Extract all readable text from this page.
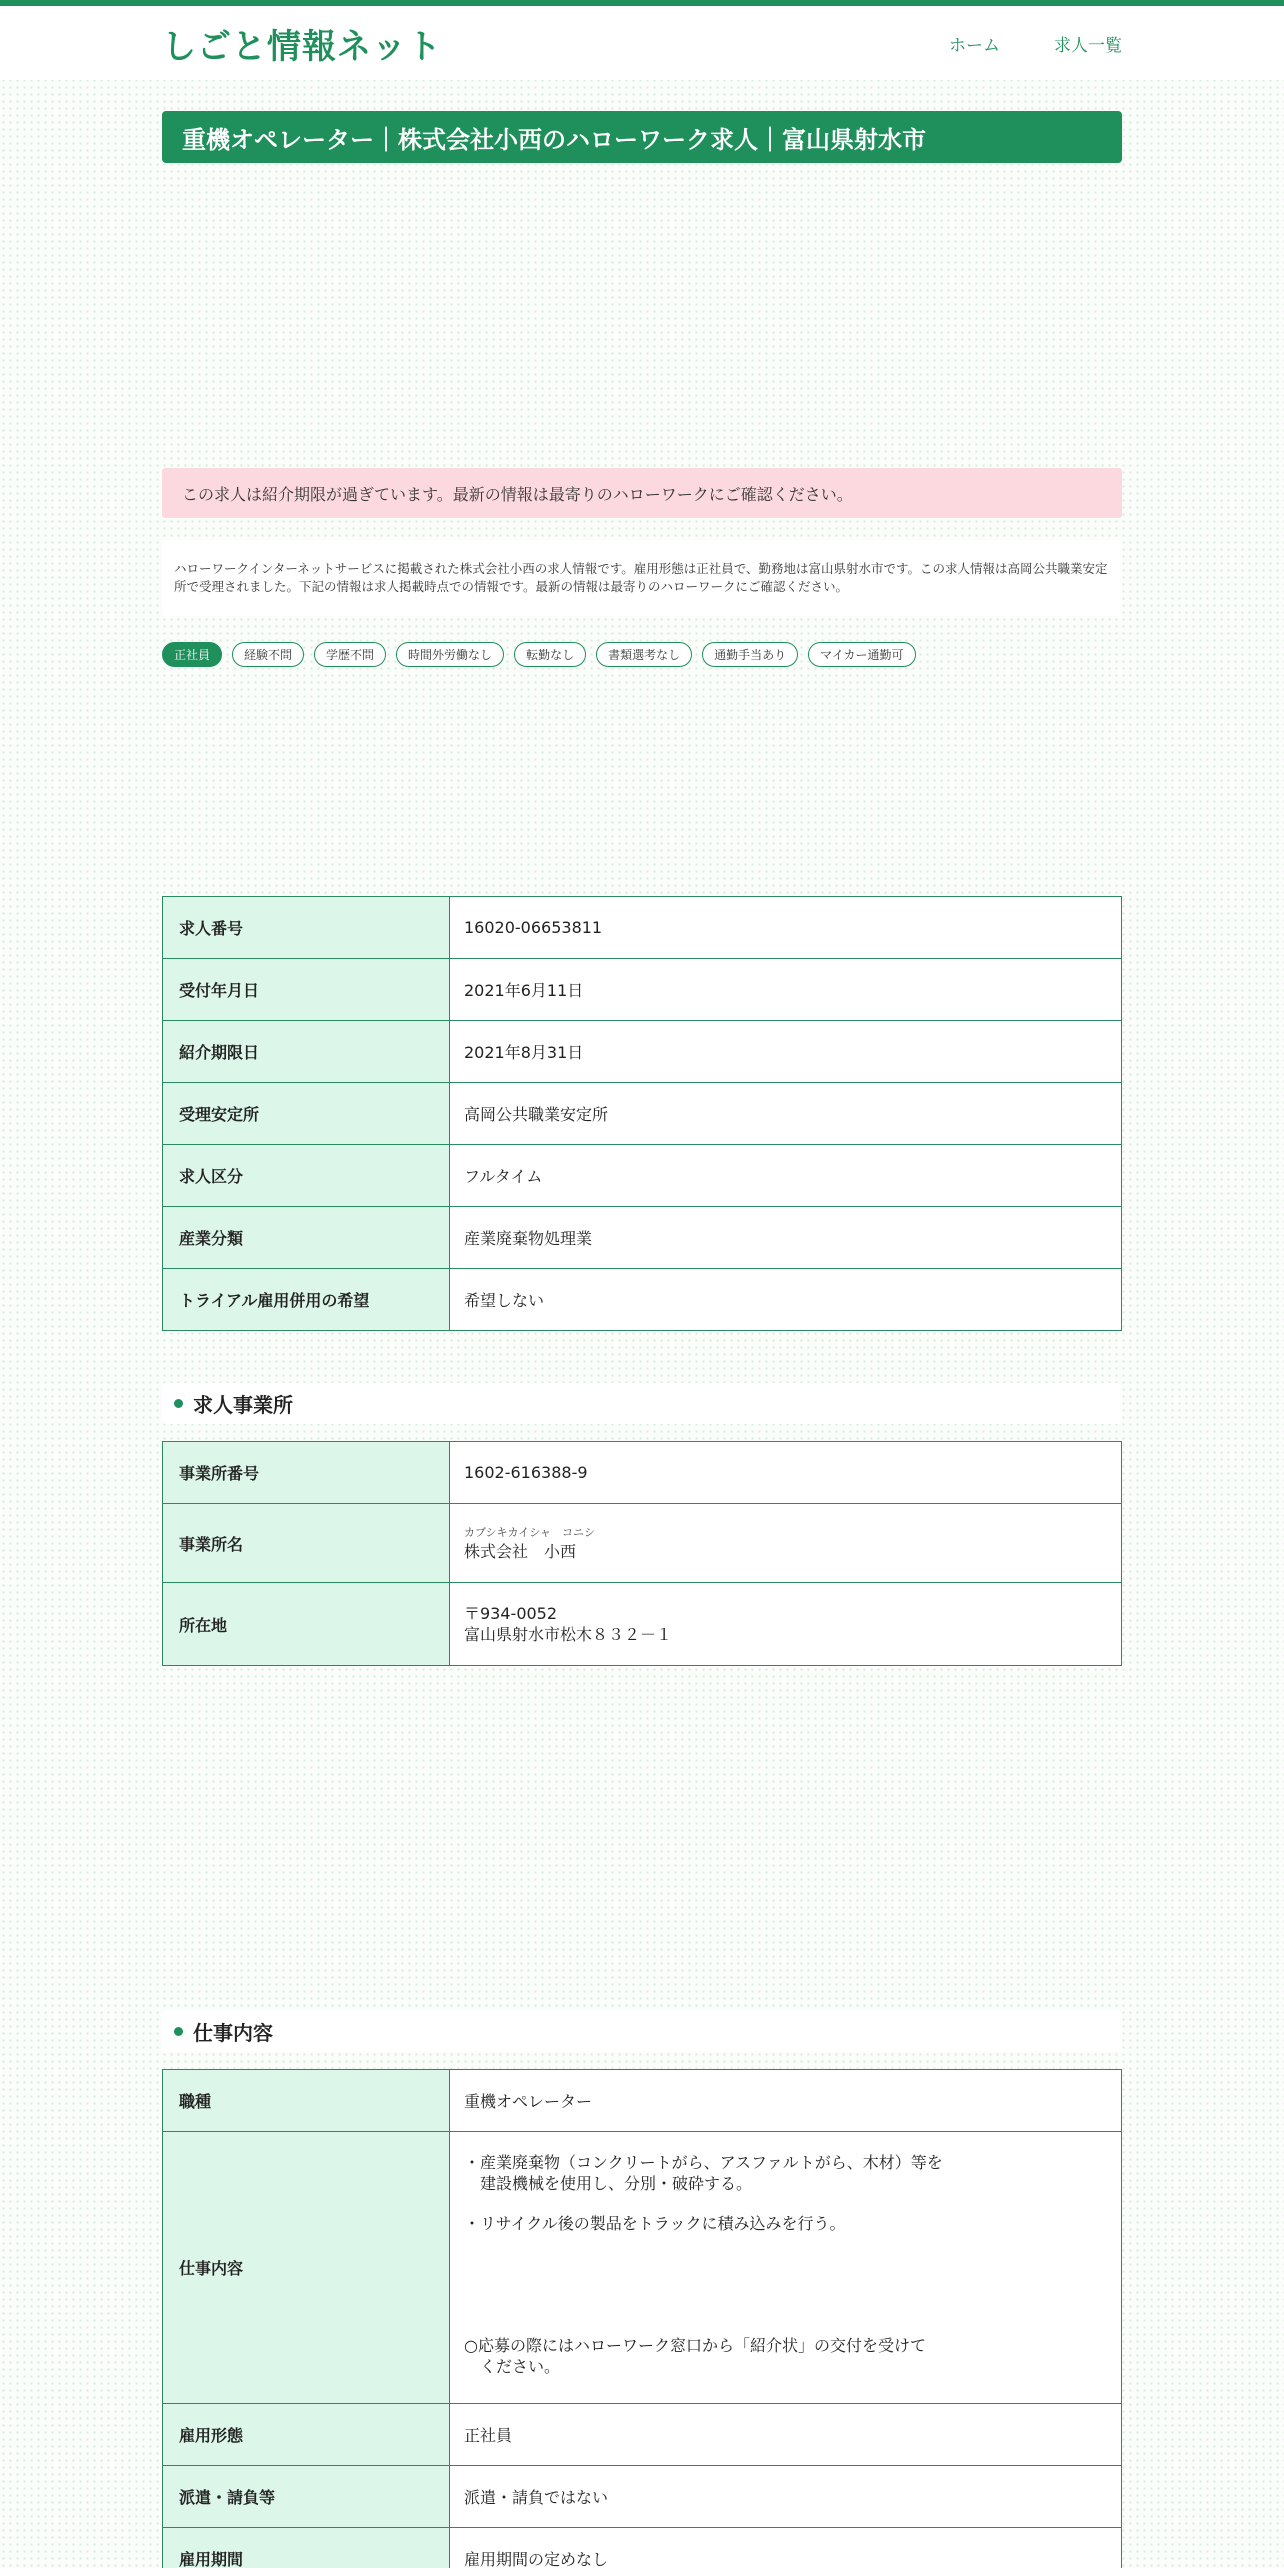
しごと情報ネット	ホーム	求人一覧
重機オペレーター｜株式会社小西のハローワーク求人｜富山県射水市
この求人は紹介期限が過ぎています。最新の情報は最寄りのハローワークにご確認ください。
ハローワークインターネットサービスに掲載された株式会社小西の求人情報です。雇用形態は正社員で、勤務地は富山県射水市です。この求人情報は高岡公共職業安定所で受理されました。下記の情報は求人掲載時点での情報です。最新の情報は最寄りのハローワークにご確認ください。
正社員	経験不問	学歴不問	時間外労働なし	転勤なし	書類選考なし	通勤手当あり	マイカー通勤可
求人番号	16020-06653811
受付年月日	2021年6月11日
紹介期限日	2021年8月31日
受理安定所	高岡公共職業安定所
求人区分	フルタイム
産業分類	産業廃棄物処理業
トライアル雇用併用の希望	希望しない
求人事業所
事業所番号	1602-616388-9
事業所名	カブシキカイシャ　コニシ
株式会社　小西

所在地	〒934-0052
富山県射水市松木８３２－１
仕事内容
職種	重機オペレーター
仕事内容	・産業廃棄物（コンクリートがら、アスファルトがら、木材）等を
　建設機械を使用し、分別・破砕する。

・リサイクル後の製品をトラックに積み込みを行う。

○応募の際にはハローワーク窓口から「紹介状」の交付を受けて
　ください。

雇用形態	正社員
派遣・請負等	派遣・請負ではない
雇用期間	雇用期間の定めなし
